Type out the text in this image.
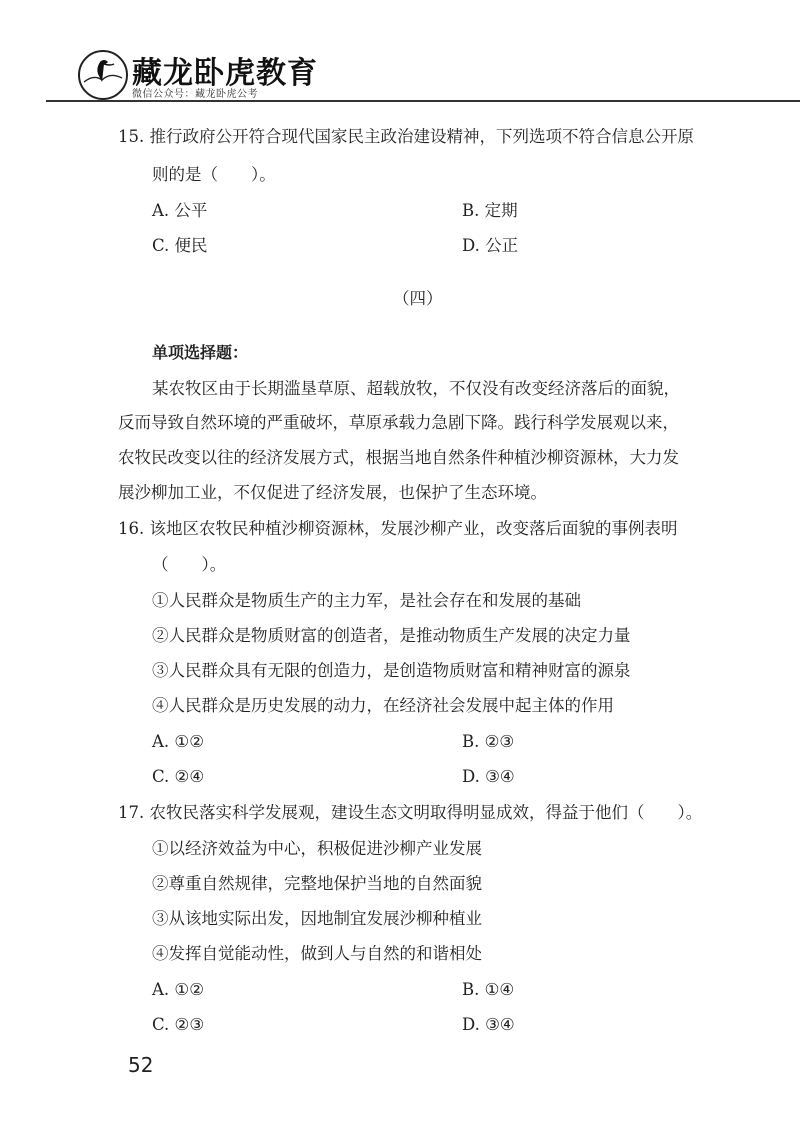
藏龙卧虎教育
微信公众号：藏龙卧虎公考
15. 推行政府公开符合现代国家民主政治建设精神，下列选项不符合信息公开原
则的是（　　）。
A. 公平	B. 定期
C. 便民	D. 公正
（四）
单项选择题：
某农牧区由于长期滥垦草原、超载放牧，不仅没有改变经济落后的面貌，
反而导致自然环境的严重破坏，草原承载力急剧下降。践行科学发展观以来，
农牧民改变以往的经济发展方式，根据当地自然条件种植沙柳资源林，大力发
展沙柳加工业，不仅促进了经济发展，也保护了生态环境。
16. 该地区农牧民种植沙柳资源林，发展沙柳产业，改变落后面貌的事例表明
（　　）。
①人民群众是物质生产的主力军，是社会存在和发展的基础
②人民群众是物质财富的创造者，是推动物质生产发展的决定力量
③人民群众具有无限的创造力，是创造物质财富和精神财富的源泉
④人民群众是历史发展的动力，在经济社会发展中起主体的作用
A. ①②	B. ②③
C. ②④	D. ③④
17. 农牧民落实科学发展观，建设生态文明取得明显成效，得益于他们（　　）。
①以经济效益为中心，积极促进沙柳产业发展
②尊重自然规律，完整地保护当地的自然面貌
③从该地实际出发，因地制宜发展沙柳种植业
④发挥自觉能动性，做到人与自然的和谐相处
A. ①②	B. ①④
C. ②③	D. ③④
52
